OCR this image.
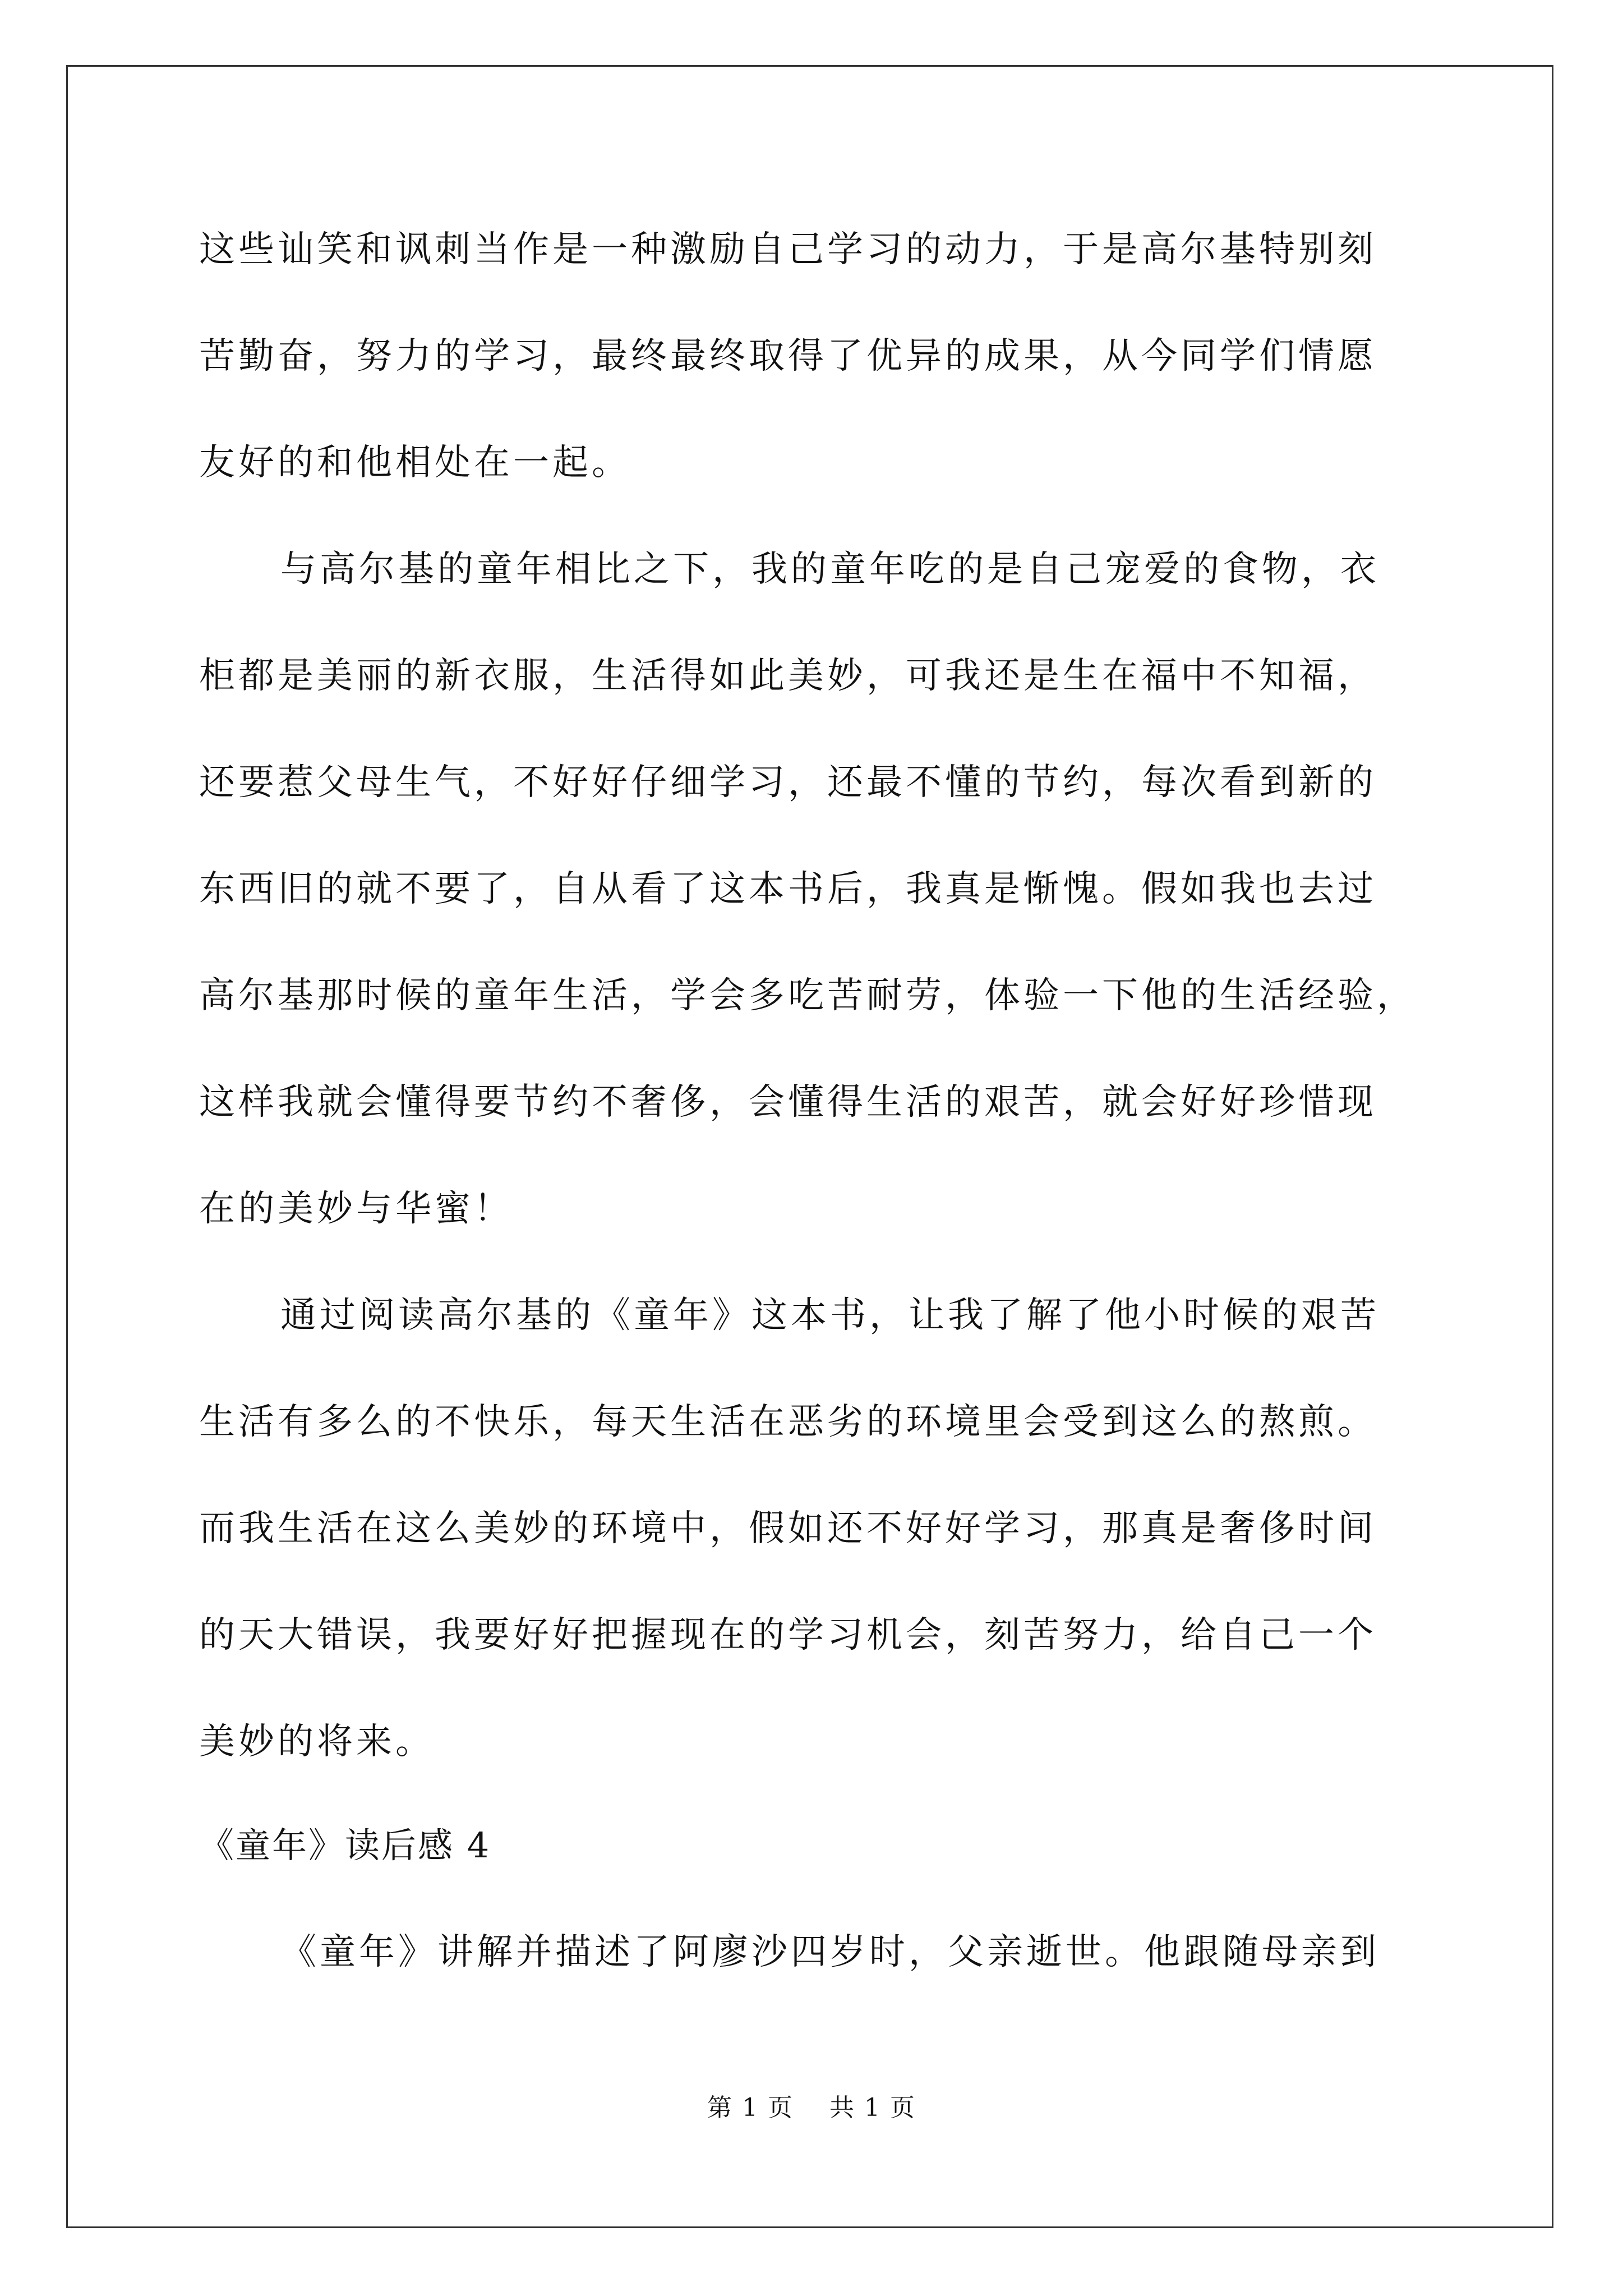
这些讪笑和讽刺当作是一种激励自己学习的动力，于是高尔基特别刻
苦勤奋，努力的学习，最终最终取得了优异的成果，从今同学们情愿
友好的和他相处在一起。
与高尔基的童年相比之下，我的童年吃的是自己宠爱的食物，衣
柜都是美丽的新衣服，生活得如此美妙，可我还是生在福中不知福，
还要惹父母生气，不好好仔细学习，还最不懂的节约，每次看到新的
东西旧的就不要了，自从看了这本书后，我真是惭愧。假如我也去过
高尔基那时候的童年生活，学会多吃苦耐劳，体验一下他的生活经验，
这样我就会懂得要节约不奢侈，会懂得生活的艰苦，就会好好珍惜现
在的美妙与华蜜！
通过阅读高尔基的《童年》这本书，让我了解了他小时候的艰苦
生活有多么的不快乐，每天生活在恶劣的环境里会受到这么的熬煎。
而我生活在这么美妙的环境中，假如还不好好学习，那真是奢侈时间
的天大错误，我要好好把握现在的学习机会，刻苦努力，给自己一个
美妙的将来。
《童年》读后感 4
《童年》讲解并描述了阿廖沙四岁时，父亲逝世。他跟随母亲到
第 1 页    共 1 页
